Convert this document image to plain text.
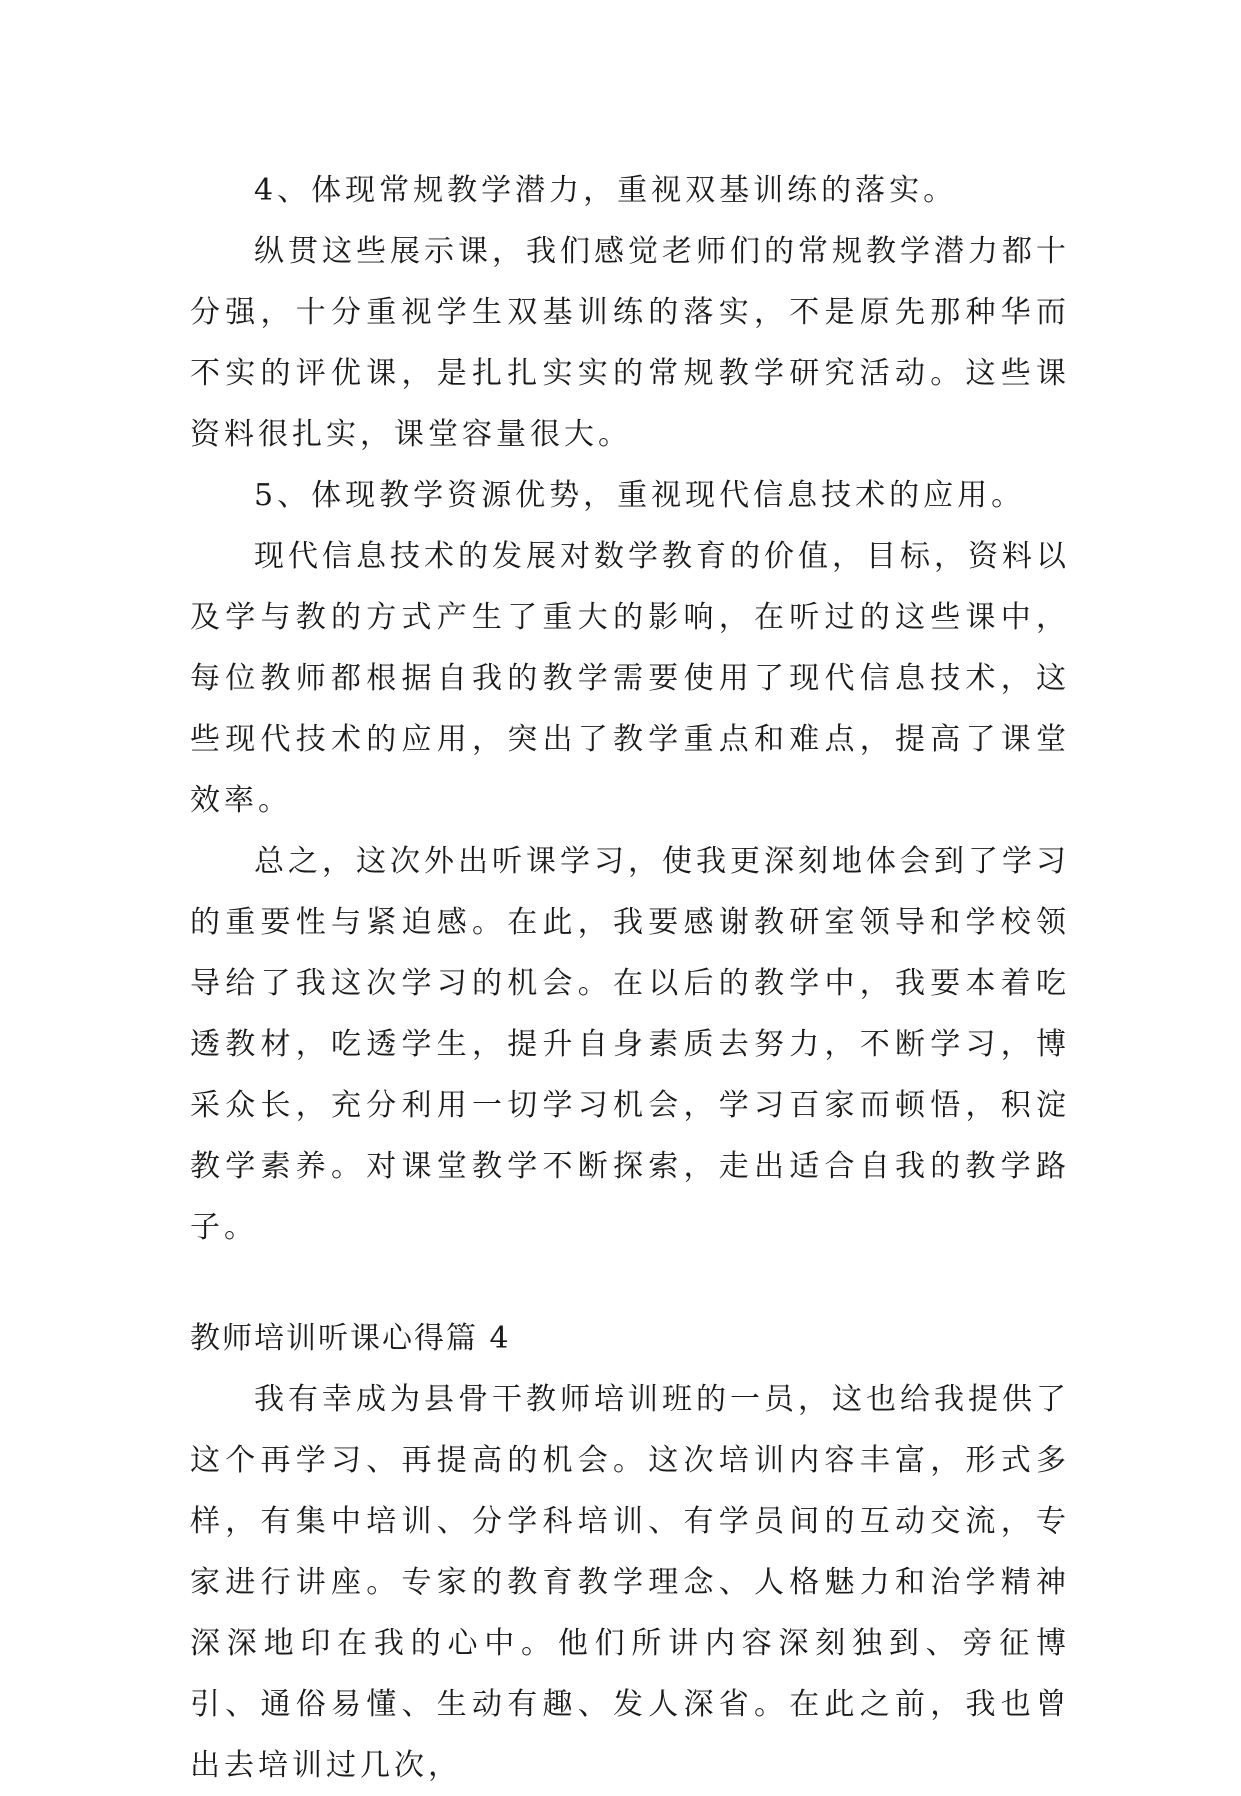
4、体现常规教学潜力，重视双基训练的落实。

纵贯这些展示课，我们感觉老师们的常规教学潜力都十分强，十分重视学生双基训练的落实，不是原先那种华而不实的评优课，是扎扎实实的常规教学研究活动。这些课资料很扎实，课堂容量很大。

5、体现教学资源优势，重视现代信息技术的应用。

现代信息技术的发展对数学教育的价值，目标，资料以及学与教的方式产生了重大的影响，在听过的这些课中，每位教师都根据自我的教学需要使用了现代信息技术，这些现代技术的应用，突出了教学重点和难点，提高了课堂效率。

总之，这次外出听课学习，使我更深刻地体会到了学习的重要性与紧迫感。在此，我要感谢教研室领导和学校领导给了我这次学习的机会。在以后的教学中，我要本着吃透教材，吃透学生，提升自身素质去努力，不断学习，博采众长，充分利用一切学习机会，学习百家而顿悟，积淀教学素养。对课堂教学不断探索，走出适合自我的教学路子。

教师培训听课心得篇 4

我有幸成为县骨干教师培训班的一员，这也给我提供了这个再学习、再提高的机会。这次培训内容丰富，形式多样，有集中培训、分学科培训、有学员间的互动交流，专家进行讲座。专家的教育教学理念、人格魅力和治学精神深深地印在我的心中。他们所讲内容深刻独到、旁征博引、通俗易懂、生动有趣、发人深省。在此之前，我也曾出去培训过几次，
